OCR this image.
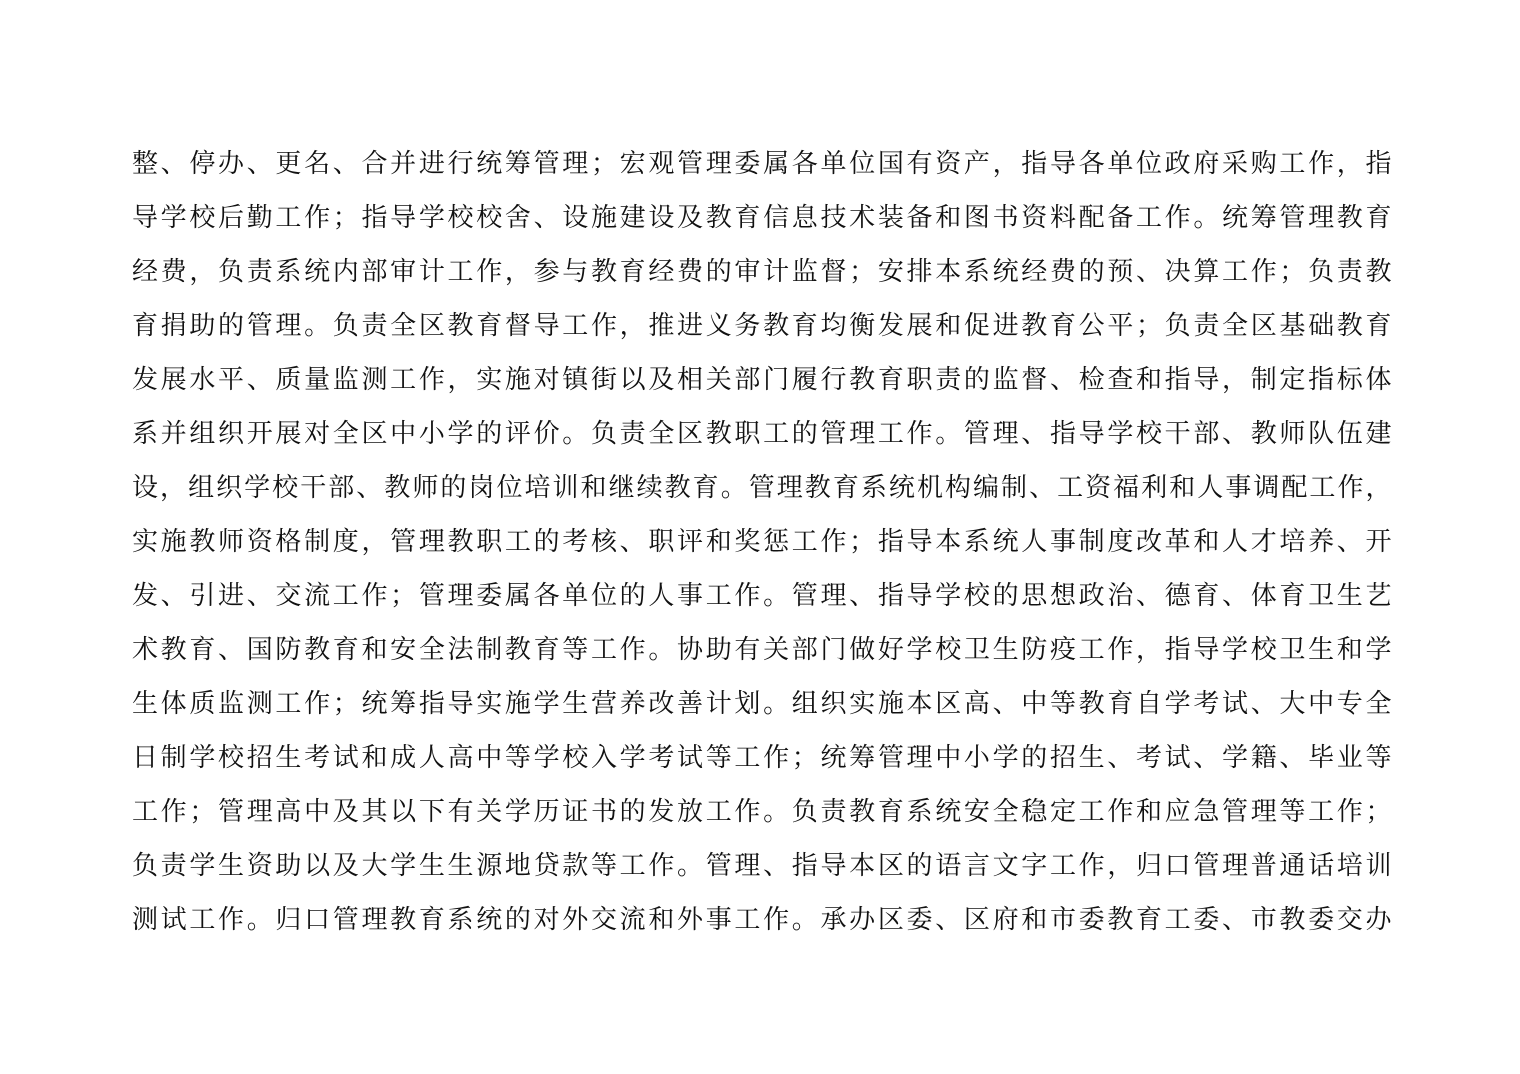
整、停办、更名、合并进行统筹管理；宏观管理委属各单位国有资产，指导各单位政府采购工作，指
导学校后勤工作；指导学校校舍、设施建设及教育信息技术装备和图书资料配备工作。统筹管理教育
经费，负责系统内部审计工作，参与教育经费的审计监督；安排本系统经费的预、决算工作；负责教
育捐助的管理。负责全区教育督导工作，推进义务教育均衡发展和促进教育公平；负责全区基础教育
发展水平、质量监测工作，实施对镇街以及相关部门履行教育职责的监督、检查和指导，制定指标体
系并组织开展对全区中小学的评价。负责全区教职工的管理工作。管理、指导学校干部、教师队伍建
设，组织学校干部、教师的岗位培训和继续教育。管理教育系统机构编制、工资福利和人事调配工作，
实施教师资格制度，管理教职工的考核、职评和奖惩工作；指导本系统人事制度改革和人才培养、开
发、引进、交流工作；管理委属各单位的人事工作。管理、指导学校的思想政治、德育、体育卫生艺
术教育、国防教育和安全法制教育等工作。协助有关部门做好学校卫生防疫工作，指导学校卫生和学
生体质监测工作；统筹指导实施学生营养改善计划。组织实施本区高、中等教育自学考试、大中专全
日制学校招生考试和成人高中等学校入学考试等工作；统筹管理中小学的招生、考试、学籍、毕业等
工作；管理高中及其以下有关学历证书的发放工作。负责教育系统安全稳定工作和应急管理等工作；
负责学生资助以及大学生生源地贷款等工作。管理、指导本区的语言文字工作，归口管理普通话培训
测试工作。归口管理教育系统的对外交流和外事工作。承办区委、区府和市委教育工委、市教委交办
